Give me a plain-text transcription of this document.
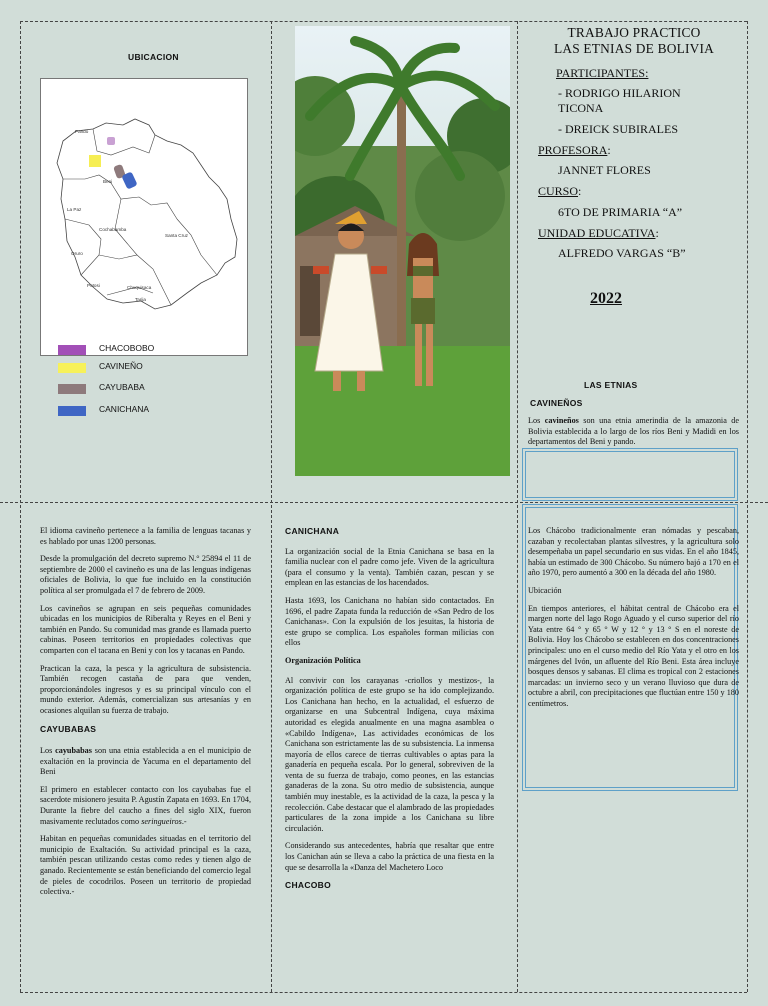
UBICACION
Pando
Beni
La Paz
Cochabamba
Santa Cruz
Oruro
Potosi	Chuquisaca
Tarija
CHACOBOBO
CAVINEÑO
CAYUBABA
CANICHANA
TRABAJO PRACTICO
LAS ETNIAS DE BOLIVIA
PARTICIPANTES:
- RODRIGO HILARION
TICONA
- DREICK SUBIRALES
PROFESORA:
JANNET FLORES
CURSO:
6TO DE PRIMARIA “A”
UNIDAD EDUCATIVA:
ALFREDO VARGAS “B”
2022
LAS ETNIAS
CAVINEÑOS
Los cavineños son una etnia amerindia de la amazonia de Bolivia establecida a lo largo de los ríos Beni y Madidi en los departamentos del Beni y pando.

El idioma cavineño pertenece a la familia de lenguas tacanas y es hablado por unas 1200 personas.

Desde la promulgación del decreto supremo N.° 25894 el 11 de septiembre de 2000 el cavineño es una de las lenguas indígenas oficiales de Bolivia, lo que fue incluido en la constitución política al ser promulgada el 7 de febrero de 2009.

Los cavineños se agrupan en seis pequeñas comunidades ubicadas en los municipios de Riberalta y Reyes en el Beni y también en Pando. Su comunidad mas grande es llamada puerto cabinas. Poseen territorios en propiedades colectivas que comparten con el tacana en Beni y con los y tacanas en Pando.

Practican la caza, la pesca y la agricultura de subsistencia. También recogen castaña de para que venden, proporcionándoles ingresos y es su principal vínculo con el mundo exterior. Además, comercializan sus artesanías y en ocasiones alquilan su fuerza de trabajo.

CAYUBABAS

Los cayubabas son una etnia establecida a en el municipio de exaltación en la provincia de Yacuma en el departamento del Beni

El primero en establecer contacto con los cayubabas fue el sacerdote misionero jesuita P. Agustín Zapata en 1693. En 1704, Durante la fiebre del caucho a fines del siglo XIX, fueron masivamente reclutados como seringueiros.-

Habitan en pequeñas comunidades situadas en el territorio del municipio de Exaltación. Su actividad principal es la caza, también pescan utilizando cestas como redes y tienen algo de ganado. Recientemente se están beneficiando del comercio legal de pieles de cocodrilos. Poseen un territorio de propiedad colectiva.-

CANICHANA

La organización social de la Etnia Canichana se basa en la familia nuclear con el padre como jefe. Viven de la agricultura (para el consumo y la venta). También cazan, pescan y se emplean en las estancias de los hacendados.

Hasta 1693, los Canichana no habían sido contactados. En 1696, el padre Zapata funda la reducción de «San Pedro de los Canichanas». Con la expulsión de los jesuitas, la historia de este grupo se complica. Los españoles forman milicias con ellos

Organización Política

Al convivir con los carayanas -criollos y mestizos-, la organización política de este grupo se ha ido complejizando. Los Canichana han hecho, en la actualidad, el esfuerzo de organizarse en una Subcentral Indígena, cuya máxima autoridad es elegida anualmente en una magna asamblea o «Cabildo Indígena», Las actividades económicas de los Canichana son estrictamente las de su subsistencia. La inmensa mayoría de ellos carece de tierras cultivables o aptas para la ganadería en pequeña escala. Por lo general, sobreviven de la venta de su fuerza de trabajo, como peones, en las estancias ganaderas de la zona. Su otro medio de subsistencia, aunque también muy inestable, es la actividad de la caza, la pesca y la recolección. Cabe destacar que el alambrado de las propiedades particulares de la zona impide a los Canichana su libre circulación.

Considerando sus antecedentes, habría que resaltar que entre los Canichan aún se lleva a cabo la práctica de una fiesta en la que se desarrolla la «Danza del Machetero Loco

CHACOBO

Los Chácobo tradicionalmente eran nómadas y pescaban, cazaban y recolectaban plantas silvestres, y la agricultura solo desempeñaba un papel secundario en sus vidas. En el año 1845, había un estimado de 300 Chácobo. Su número bajó a 170 en el año 1970, pero aumentó a 300 en la década del año 1980.

Ubicación

En tiempos anteriores, el hábitat central de Chácobo era el margen norte del lago Rogo Aguado y el curso superior del río Yata entre 64 ° y 65 ° W y 12 ° y 13 ° S en el noreste de Bolivia. Hoy los Chácobo se establecen en dos concentraciones principales: uno en el curso medio del Río Yata y el otro en los márgenes del Ivón, un afluente del Río Beni. Esta área incluye bosques densos y sabanas. El clima es tropical con 2 estaciones marcadas: un invierno seco y un verano lluvioso que dura de octubre a abril, con precipitaciones que fluctúan entre 150 y 180 centímetros.
